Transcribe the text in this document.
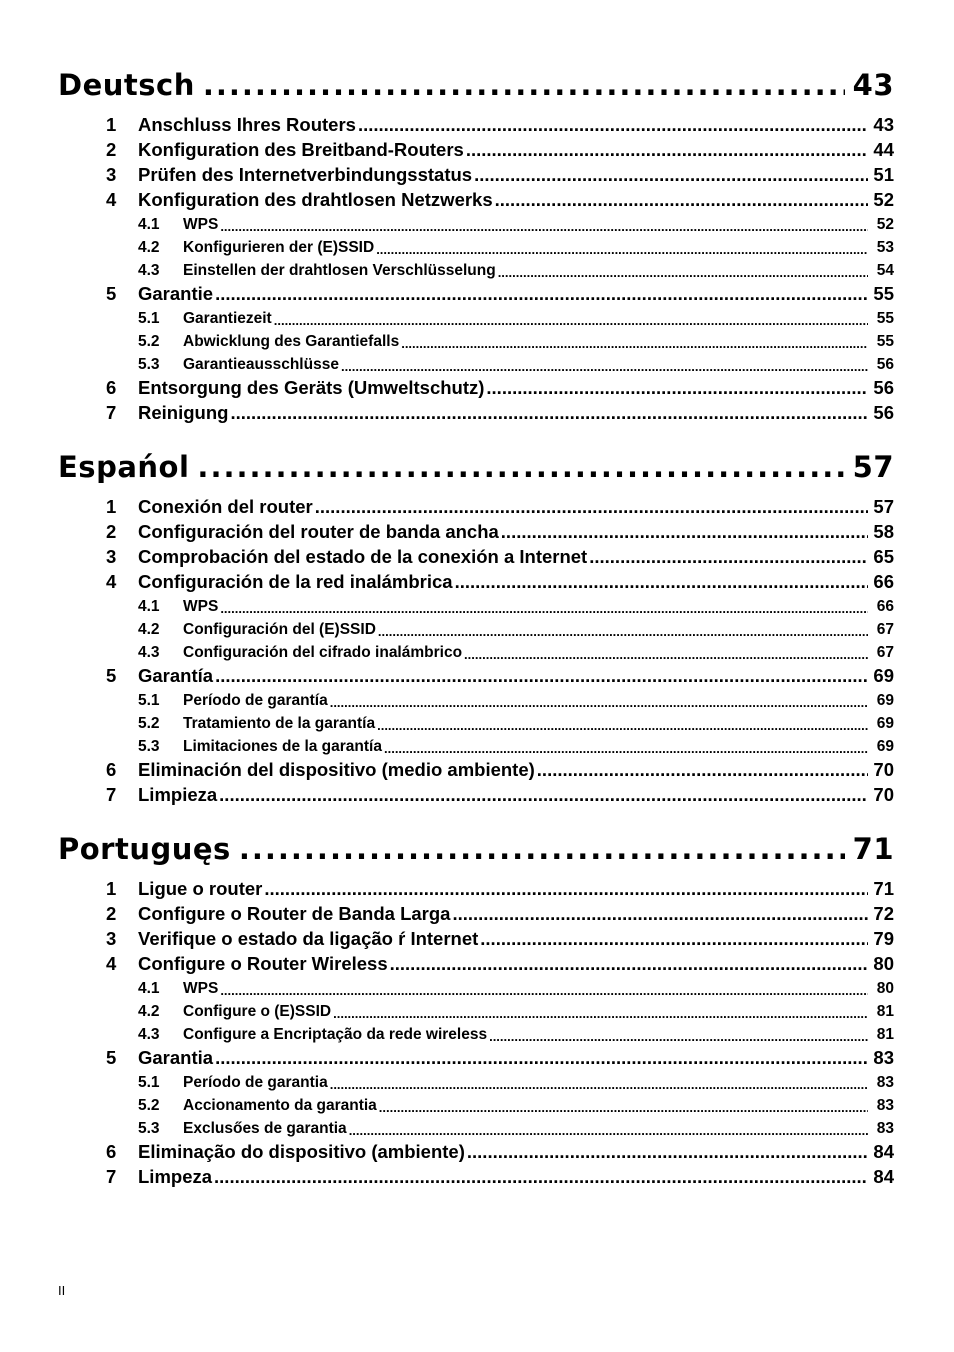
Deutsch .....	43
1	Anschluss Ihres Routers .....	43
2	Konfiguration des Breitband-Routers .....	44
3	Prüfen des Internetverbindungsstatus .....	51
4	Konfiguration des drahtlosen Netzwerks .....	52
4.1	WPS .....	52
4.2	Konfigurieren der (E)SSID .....	53
4.3	Einstellen der drahtlosen Verschlüsselung .....	54
5	Garantie .....	55
5.1	Garantiezeit .....	55
5.2	Abwicklung des Garantiefalls .....	55
5.3	Garantieausschlüsse .....	56
6	Entsorgung des Geräts (Umweltschutz) .....	56
7	Reinigung .....	56
Espańol .....	57
1	Conexión del router .....	57
2	Configuración del router de banda ancha .....	58
3	Comprobación del estado de la conexión a Internet .....	65
4	Configuración de la red inalámbrica .....	66
4.1	WPS .....	66
4.2	Configuración del (E)SSID .....	67
4.3	Configuración del cifrado inalámbrico .....	67
5	Garantía .....	69
5.1	Período de garantía .....	69
5.2	Tratamiento de la garantía .....	69
5.3	Limitaciones de la garantía .....	69
6	Eliminación del dispositivo (medio ambiente) .....	70
7	Limpieza .....	70
Portuguęs .....	71
1	Ligue o router .....	71
2	Configure o Router de Banda Larga .....	72
3	Verifique o estado da ligação ŕ Internet .....	79
4	Configure o Router Wireless .....	80
4.1	WPS .....	80
4.2	Configure o (E)SSID .....	81
4.3	Configure a Encriptação da rede wireless .....	81
5	Garantia .....	83
5.1	Período de garantia .....	83
5.2	Accionamento da garantia .....	83
5.3	Exclusőes de garantia .....	83
6	Eliminação do dispositivo (ambiente) .....	84
7	Limpeza .....	84
II
